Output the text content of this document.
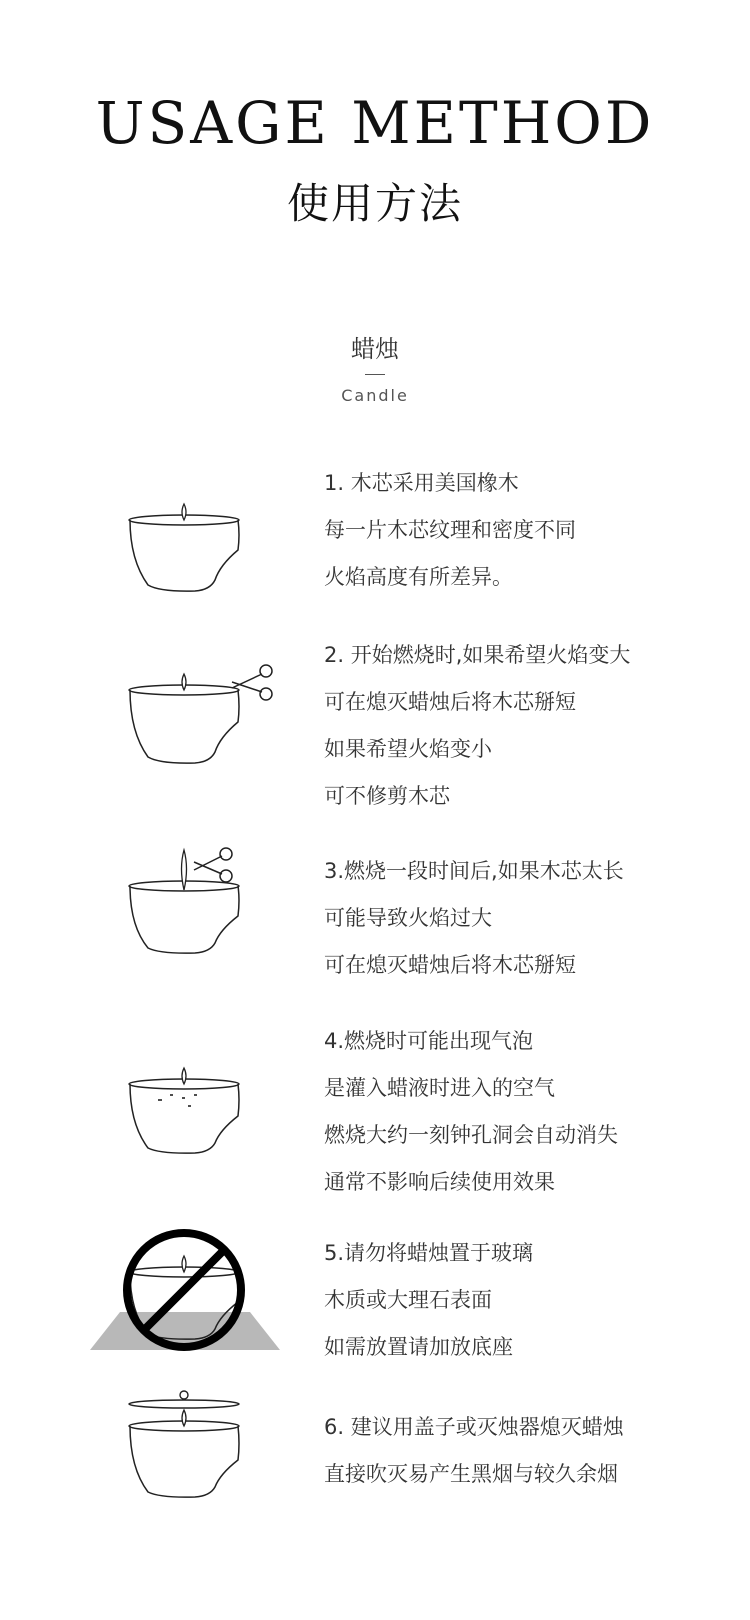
USAGE METHOD
使用方法
蜡烛
Candle
1. 木芯采用美国橡木
每一片木芯纹理和密度不同
火焰高度有所差异。
2. 开始燃烧时,如果希望火焰变大
可在熄灭蜡烛后将木芯掰短
如果希望火焰变小
可不修剪木芯
3.燃烧一段时间后,如果木芯太长
可能导致火焰过大
可在熄灭蜡烛后将木芯掰短
4.燃烧时可能出现气泡
是灌入蜡液时进入的空气
燃烧大约一刻钟孔洞会自动消失
通常不影响后续使用效果
5.请勿将蜡烛置于玻璃
木质或大理石表面
如需放置请加放底座
6. 建议用盖子或灭烛器熄灭蜡烛
直接吹灭易产生黑烟与较久余烟
